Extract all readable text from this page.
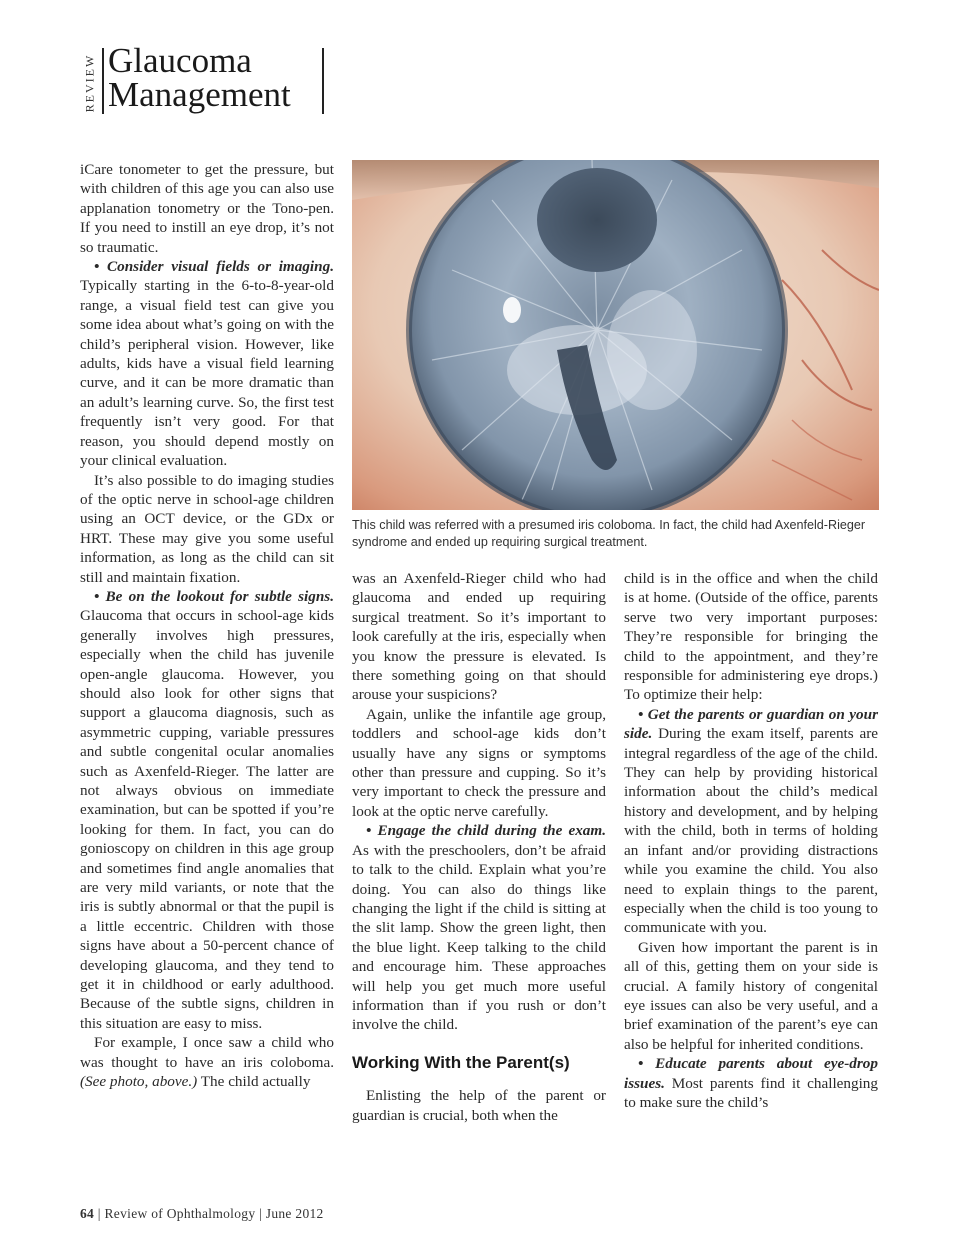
REVIEW Glaucoma
Management

iCare tonometer to get the pressure, but with children of this age you can also use applanation tonometry or the Tono-pen. If you need to instill an eye drop, it’s not so traumatic.

• Consider visual fields or imaging. Typically starting in the 6-to-8-year-old range, a visual field test can give you some idea about what’s going on with the child’s peripheral vision. However, like adults, kids have a visual field learning curve, and it can be more dramatic than an adult’s learning curve. So, the first test frequently isn’t very good. For that reason, you should depend mostly on your clinical evaluation.

It’s also possible to do imaging studies of the optic nerve in school-age children using an OCT device, or the GDx or HRT. These may give you some useful information, as long as the child can sit still and maintain fixation.

• Be on the lookout for subtle signs. Glaucoma that occurs in school-age kids generally involves high pressures, especially when the child has juvenile open-angle glaucoma. However, you should also look for other signs that support a glaucoma diagnosis, such as asymmetric cupping, variable pressures and subtle congenital ocular anomalies such as Axenfeld-Rieger. The latter are not always obvious on immediate examination, but can be spotted if you’re looking for them. In fact, you can do gonioscopy on children in this age group and sometimes find angle anomalies that are very mild variants, or note that the iris is subtly abnormal or that the pupil is a little eccentric. Children with those signs have about a 50-percent chance of developing glaucoma, and they tend to get it in childhood or early adulthood. Because of the subtle signs, children in this situation are easy to miss.

For example, I once saw a child who was thought to have an iris coloboma. (See photo, above.) The child actually

This child was referred with a presumed iris coloboma. In fact, the child had Axenfeld-Rieger syndrome and ended up requiring surgical treatment.

was an Axenfeld-Rieger child who had glaucoma and ended up requiring surgical treatment. So it’s important to look carefully at the iris, especially when you know the pressure is elevated. Is there something going on that should arouse your suspicions?

Again, unlike the infantile age group, toddlers and school-age kids don’t usually have any signs or symptoms other than pressure and cupping. So it’s very important to check the pressure and look at the optic nerve carefully.

• Engage the child during the exam. As with the preschoolers, don’t be afraid to talk to the child. Explain what you’re doing. You can also do things like changing the light if the child is sitting at the slit lamp. Show the green light, then the blue light. Keep talking to the child and encourage him. These approaches will help you get much more useful information than if you rush or don’t involve the child.

Working With the Parent(s)

Enlisting the help of the parent or guardian is crucial, both when the

child is in the office and when the child is at home. (Outside of the office, parents serve two very important purposes: They’re responsible for bringing the child to the appointment, and they’re responsible for administering eye drops.) To optimize their help:

• Get the parents or guardian on your side. During the exam itself, parents are integral regardless of the age of the child. They can help by providing historical information about the child’s medical history and development, and by helping with the child, both in terms of holding an infant and/or providing distractions while you examine the child. You also need to explain things to the parent, especially when the child is too young to communicate with you.

Given how important the parent is in all of this, getting them on your side is crucial. A family history of congenital eye issues can also be very useful, and a brief examination of the parent’s eye can also be helpful for inherited conditions.

• Educate parents about eye-drop issues. Most parents find it challenging to make sure the child’s

64 | Review of Ophthalmology | June 2012
